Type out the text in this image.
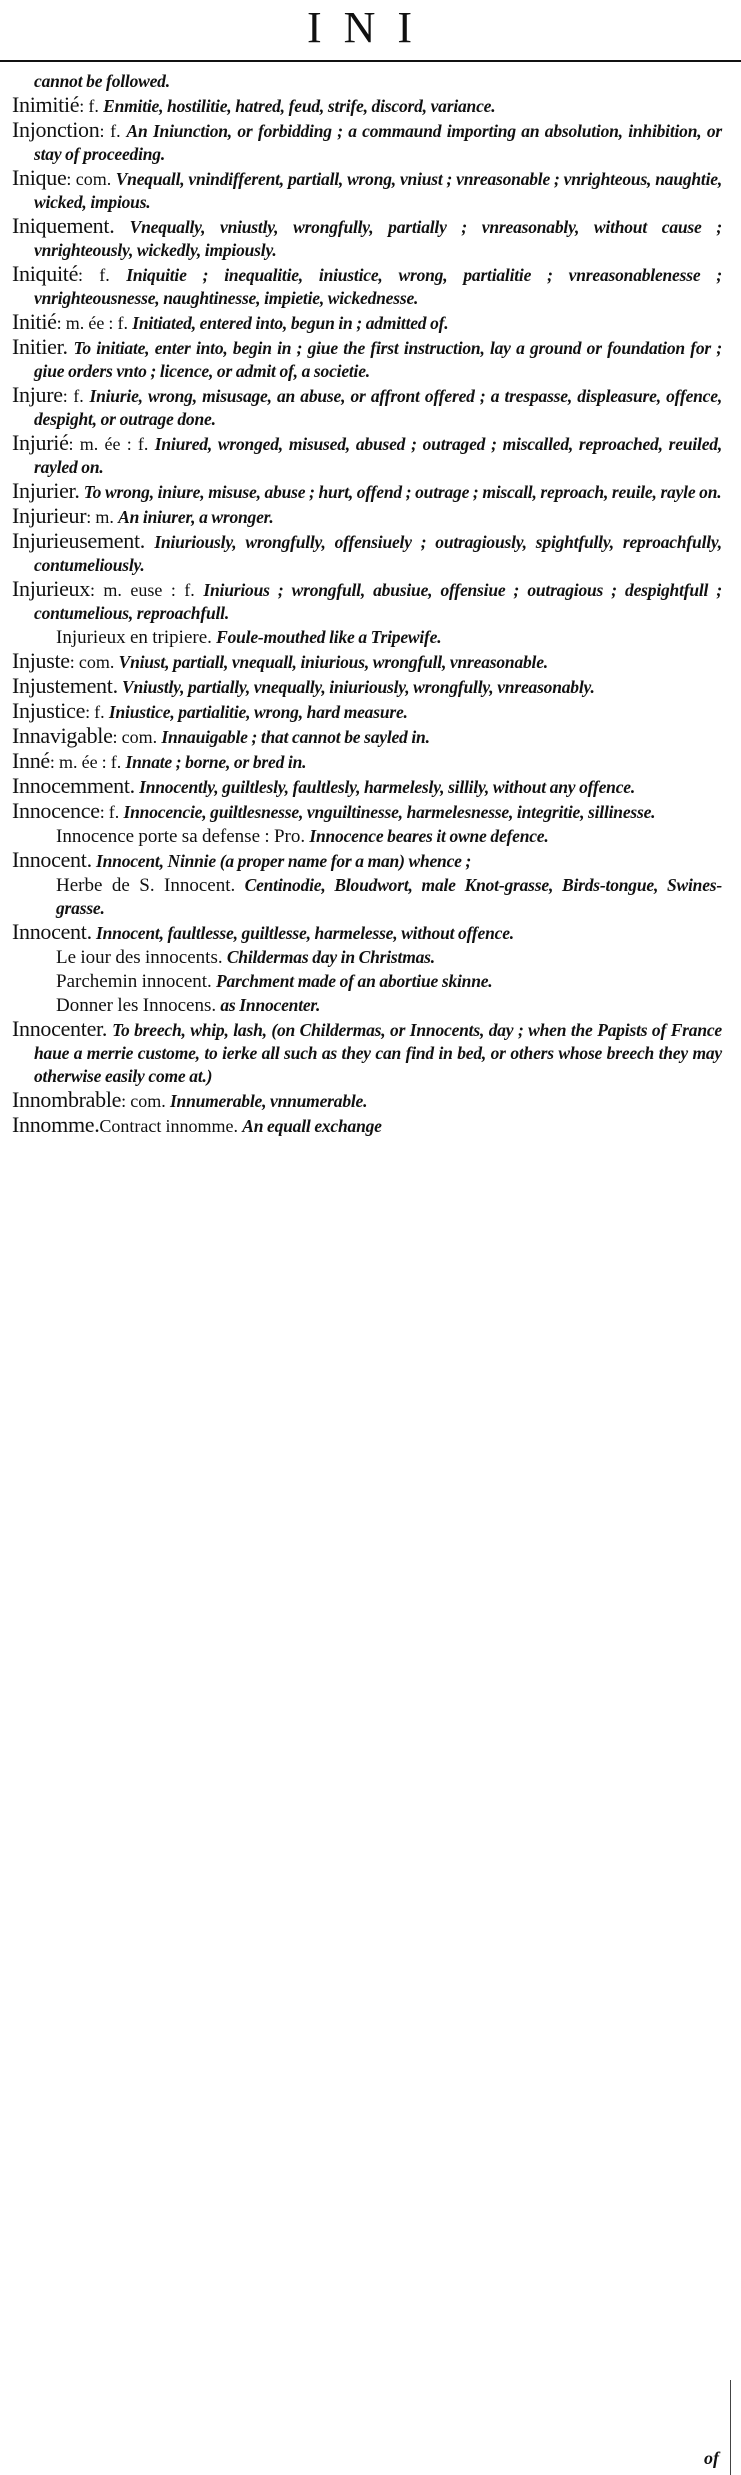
INI
cannot be followed.
Inimitié: f. Enmitie, hostilitie, hatred, feud, strife, discord, variance.
Injonction: f. An Iniunction, or forbidding ; a commaund importing an absolution, inhibition, or stay of proceeding.
Inique: com. Vnequall, vnindifferent, partiall, wrong, vniust ; vnreasonable ; vnrighteous, naughtie, wicked, impious.
Iniquement. Vnequally, vniustly, wrongfully, partially ; vnreasonably, without cause ; vnrighteously, wickedly, impiously.
Iniquité: f. Iniquitie ; inequalitie, iniustice, wrong, partialitie ; vnreasonablenesse ; vnrighteousnesse, naughtinesse, impietie, wickednesse.
Initié: m. ée : f. Initiated, entered into, begun in ; admitted of.
Initier. To initiate, enter into, begin in ; giue the first instruction, lay a ground or foundation for ; giue orders vnto ; licence, or admit of, a societie.
Injure: f. Iniurie, wrong, misusage, an abuse, or affront offered ; a trespasse, displeasure, offence, despight, or outrage done.
Injurié: m. ée : f. Iniured, wronged, misused, abused ; outraged ; miscalled, reproached, reuiled, rayled on.
Injurier. To wrong, iniure, misuse, abuse ; hurt, offend ; outrage ; miscall, reproach, reuile, rayle on.
Injurieur: m. An iniurer, a wronger.
Injurieusement. Iniuriously, wrongfully, offensiuely ; outragiously, spightfully, reproachfully, contumeliously.
Injurieux: m. euse : f. Iniurious ; wrongfull, abusiue, offensiue ; outragious ; despightfull ; contumelious, reproachfull.
Injurieux en tripiere. Foule-mouthed like a Tripewife.
Injuste: com. Vniust, partiall, vnequall, iniurious, wrongfull, vnreasonable.
Injustement. Vniustly, partially, vnequally, iniuriously, wrongfully, vnreasonably.
Injustice: f. Iniustice, partialitie, wrong, hard measure.
Innavigable: com. Innauigable ; that cannot be sayled in.
Inné: m. ée : f. Innate ; borne, or bred in.
Innocemment. Innocently, guiltlesly, faultlesly, harmelesly, sillily, without any offence.
Innocence: f. Innocencie, guiltlesnesse, vnguiltinesse, harmelesnesse, integritie, sillinesse.
Innocence porte sa defense : Pro. Innocence beares it owne defence.
Innocent. Innocent, Ninnie (a proper name for a man) whence ;
Herbe de S. Innocent. Centinodie, Bloudwort, male Knot-grasse, Birds-tongue, Swines-grasse.
Innocent. Innocent, faultlesse, guiltlesse, harmelesse, without offence.
Le iour des innocents. Childermas day in Christmas.
Parchemin innocent. Parchment made of an abortiue skinne.
Donner les Innocens. as Innocenter.
Innocenter. To breech, whip, lash, (on Childermas, or Innocents, day ; when the Papists of France haue a merrie custome, to ierke all such as they can find in bed, or others whose breech they may otherwise easily come at.)
Innombrable: com. Innumerable, vnnumerable.
Innomme.Contract innomme. An equall exchange
of
